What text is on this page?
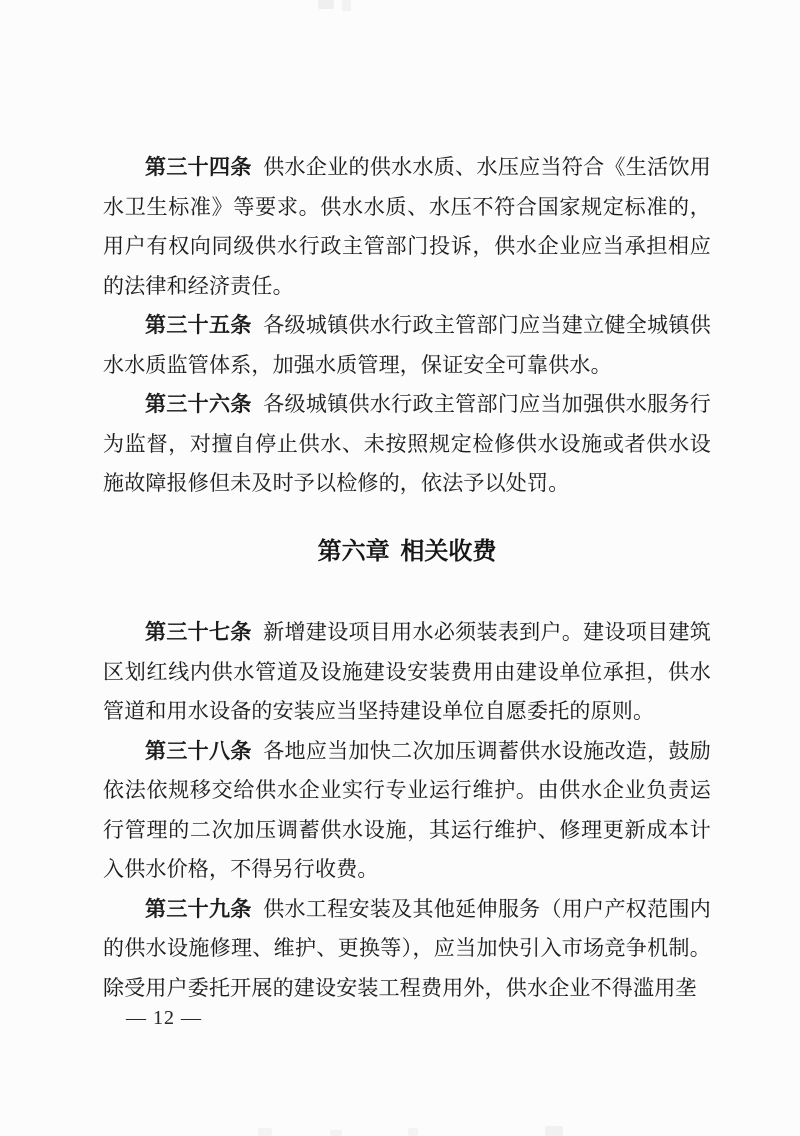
第三十四条 供水企业的供水水质、水压应当符合《生活饮用水卫生标准》等要求。供水水质、水压不符合国家规定标准的，用户有权向同级供水行政主管部门投诉，供水企业应当承担相应的法律和经济责任。

第三十五条 各级城镇供水行政主管部门应当建立健全城镇供水水质监管体系，加强水质管理，保证安全可靠供水。

第三十六条 各级城镇供水行政主管部门应当加强供水服务行为监督，对擅自停止供水、未按照规定检修供水设施或者供水设施故障报修但未及时予以检修的，依法予以处罚。

第六章 相关收费

第三十七条 新增建设项目用水必须装表到户。建设项目建筑区划红线内供水管道及设施建设安装费用由建设单位承担，供水管道和用水设备的安装应当坚持建设单位自愿委托的原则。

第三十八条 各地应当加快二次加压调蓄供水设施改造，鼓励依法依规移交给供水企业实行专业运行维护。由供水企业负责运行管理的二次加压调蓄供水设施，其运行维护、修理更新成本计入供水价格，不得另行收费。

第三十九条 供水工程安装及其他延伸服务（用户产权范围内的供水设施修理、维护、更换等），应当加快引入市场竞争机制。除受用户委托开展的建设安装工程费用外，供水企业不得滥用垄

— 12 —
